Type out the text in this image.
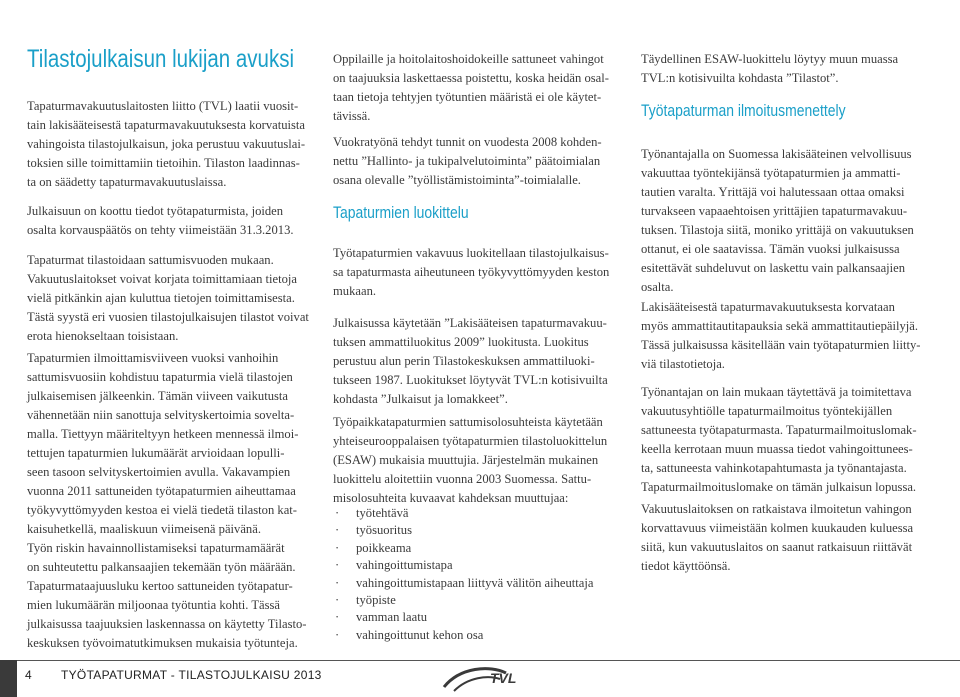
Tilastojulkaisun lukijan avuksi
Tapaturmavakuutuslaitosten liitto (TVL) laatii vuosit-
tain lakisääteisestä tapaturmavakuutuksesta korvatuista
vahingoista tilastojulkaisun, joka perustuu vakuutuslai-
toksien sille toimittamiin tietoihin. Tilaston laadinnas-
ta on säädetty tapaturmavakuutuslaissa.
Julkaisuun on koottu tiedot työtapaturmista, joiden
osalta korvauspäätös on tehty viimeistään 31.3.2013.
Tapaturmat tilastoidaan sattumisvuoden mukaan.
Vakuutuslaitokset voivat korjata toimittamiaan tietoja
vielä pitkänkin ajan kuluttua tietojen toimittamisesta.
Tästä syystä eri vuosien tilastojulkaisujen tilastot voivat
erota hienokseltaan toisistaan.
Tapaturmien ilmoittamisviiveen vuoksi vanhoihin
sattumisvuosiin kohdistuu tapaturmia vielä tilastojen
julkaisemisen jälkeenkin. Tämän viiveen vaikutusta
vähennetään niin sanottuja selvityskertoimia sovelta-
malla. Tiettyyn määriteltyyn hetkeen mennessä ilmoi-
tettujen tapaturmien lukumäärät arvioidaan lopulli-
seen tasoon selvityskertoimien avulla. Vakavampien
vuonna 2011 sattuneiden työtapaturmien aiheuttamaa
työkyvyttömyyden kestoa ei vielä tiedetä tilaston kat-
kaisuhetkellä, maaliskuun viimeisenä päivänä.
Työn riskin havainnollistamiseksi tapaturmamäärät
on suhteutettu palkansaajien tekemään työn määrään.
Tapaturmataajuusluku kertoo sattuneiden työtapatur-
mien lukumäärän miljoonaa työtuntia kohti. Tässä
julkaisussa taajuuksien laskennassa on käytetty Tilasto-
keskuksen työvoimatutkimuksen mukaisia työtunteja.
Oppilaille ja hoitolaitoshoidokeille sattuneet vahingot
on taajuuksia laskettaessa poistettu, koska heidän osal-
taan tietoja tehtyjen työtuntien määristä ei ole käytet-
tävissä.
Vuokratyönä tehdyt tunnit on vuodesta 2008 kohden-
nettu ”Hallinto- ja tukipalvelutoiminta” päätoimialan
osana olevalle ”työllistämistoiminta”-toimialalle.
Tapaturmien luokittelu
Työtapaturmien vakavuus luokitellaan tilastojulkaisus-
sa tapaturmasta aiheutuneen työkyvyttömyyden keston
mukaan.
Julkaisussa käytetään ”Lakisääteisen tapaturmavakuu-
tuksen ammattiluokitus 2009” luokitusta. Luokitus
perustuu alun perin Tilastokeskuksen ammattiluoki-
tukseen 1987. Luokitukset löytyvät TVL:n kotisivuilta
kohdasta ”Julkaisut ja lomakkeet”.
Työpaikkatapaturmien sattumisolosuhteista käytetään
yhteiseurooppalaisen työtapaturmien tilastoluokittelun
(ESAW) mukaisia muuttujia. Järjestelmän mukainen
luokittelu aloitettiin vuonna 2003 Suomessa. Sattu-
misolosuhteita kuvaavat kahdeksan muuttujaa:
· työtehtävä
· työsuoritus
· poikkeama
· vahingoittumistapa
· vahingoittumistapaan liittyvä välitön aiheuttaja
· työpiste
· vamman laatu
· vahingoittunut kehon osa
Täydellinen ESAW-luokittelu löytyy muun muassa
TVL:n kotisivuilta kohdasta ”Tilastot”.
Työtapaturman ilmoitusmenettely
Työnantajalla on Suomessa lakisääteinen velvollisuus
vakuuttaa työntekijänsä työtapaturmien ja ammatti-
tautien varalta. Yrittäjä voi halutessaan ottaa omaksi
turvakseen vapaaehtoisen yrittäjien tapaturmavakuu-
tuksen. Tilastoja siitä, moniko yrittäjä on vakuutuksen
ottanut, ei ole saatavissa. Tämän vuoksi julkaisussa
esitettävät suhdeluvut on laskettu vain palkansaajien
osalta.
Lakisääteisestä tapaturmavakuutuksesta korvataan
myös ammattitautitapauksia sekä ammattitautiepäilyjä.
Tässä julkaisussa käsitellään vain työtapaturmien liitty-
viä tilastotietoja.
Työnantajan on lain mukaan täytettävä ja toimitettava
vakuutusyhtiölle tapaturmailmoitus työntekijällen
sattuneesta työtapaturmasta. Tapaturmailmoituslomak-
keella kerrotaan muun muassa tiedot vahingoittunees-
ta, sattuneesta vahinkotapahtumasta ja työnantajasta.
Tapaturmailmoituslomake on tämän julkaisun lopussa.
Vakuutuslaitoksen on ratkaistava ilmoitetun vahingon
korvattavuus viimeistään kolmen kuukauden kuluessa
siitä, kun vakuutuslaitos on saanut ratkaisuun riittävät
tiedot käyttöönsä.

4 TYÖTAPATURMAT - TILASTOJULKAISU 2013	TVL
